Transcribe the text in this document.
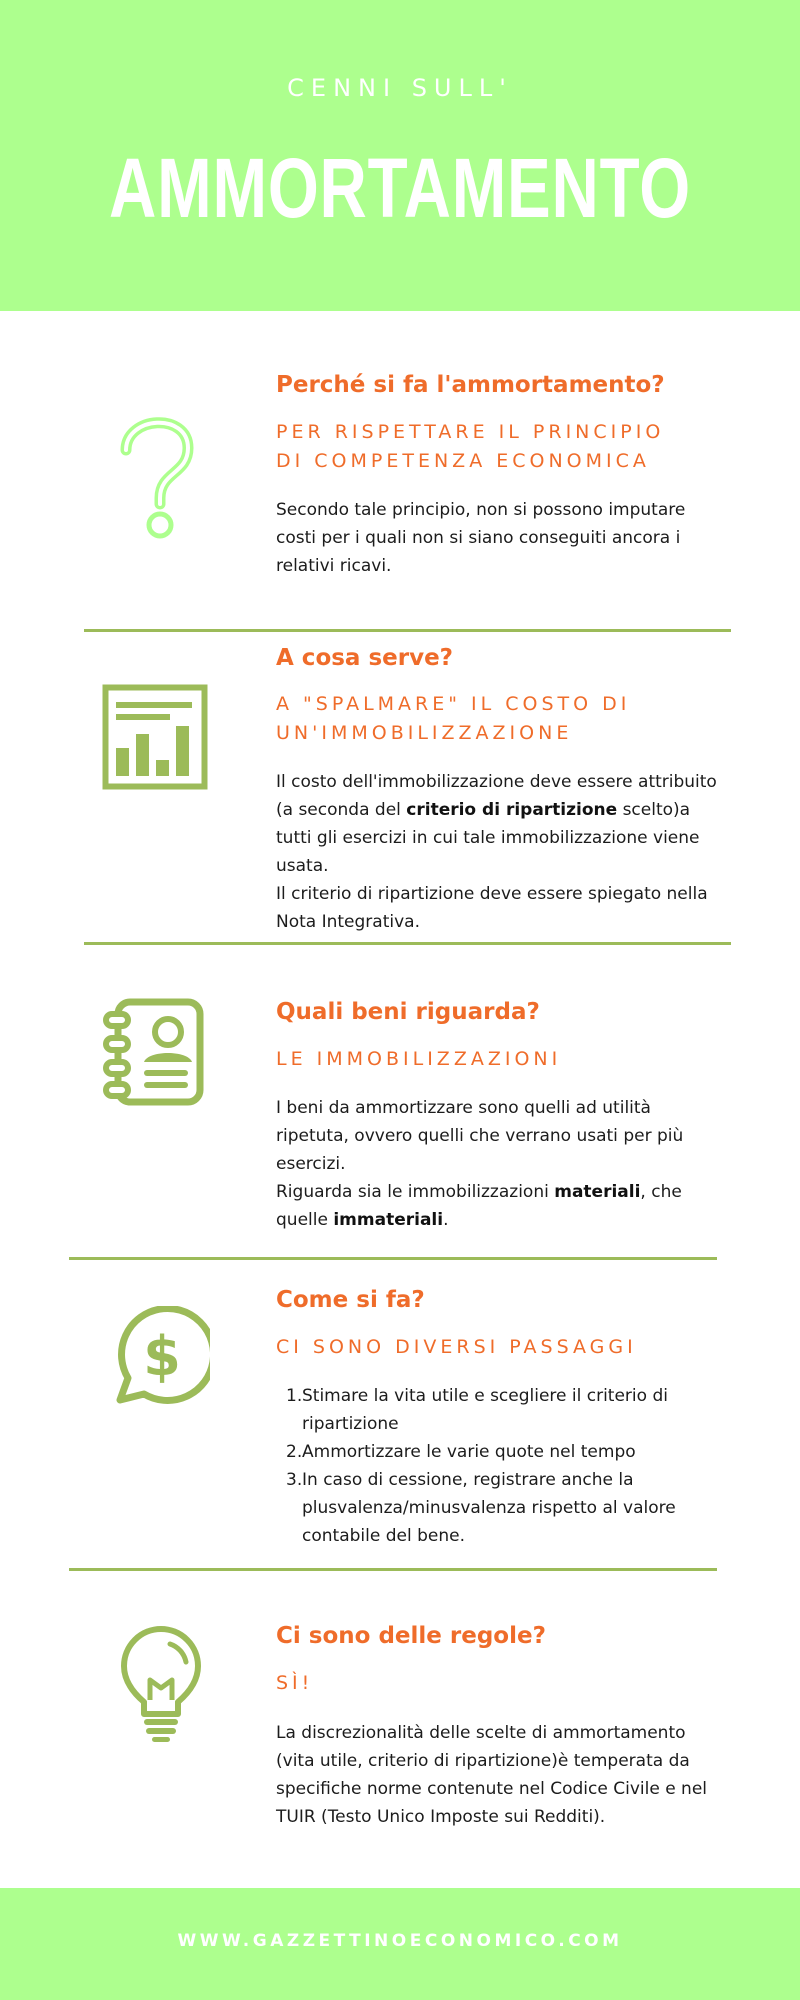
CENNI SULL'
AMMORTAMENTO
Perché si fa l'ammortamento?
PER RISPETTARE IL PRINCIPIO
DI COMPETENZA ECONOMICA
Secondo tale principio, non si possono imputare
costi per i quali non si siano conseguiti ancora i
relativi ricavi.
A cosa serve?
A "SPALMARE" IL COSTO DI
UN'IMMOBILIZZAZIONE
Il costo dell'immobilizzazione deve essere attribuito
(a seconda del criterio di ripartizione scelto)a
tutti gli esercizi in cui tale immobilizzazione viene
usata.
Il criterio di ripartizione deve essere spiegato nella
Nota Integrativa.
Quali beni riguarda?
LE IMMOBILIZZAZIONI
I beni da ammortizzare sono quelli ad utilità
ripetuta, ovvero quelli che verrano usati per più
esercizi.
Riguarda sia le immobilizzazioni materiali, che
quelle immateriali.
$
Come si fa?
CI SONO DIVERSI PASSAGGI
1. Stimare la vita utile e scegliere il criterio di
ripartizione
2. Ammortizzare le varie quote nel tempo
3. In caso di cessione, registrare anche la
plusvalenza/minusvalenza rispetto al valore
contabile del bene.
Ci sono delle regole?
SÌ!
La discrezionalità delle scelte di ammortamento
(vita utile, criterio di ripartizione)è temperata da
specifiche norme contenute nel Codice Civile e nel
TUIR (Testo Unico Imposte sui Redditi).
WWW.GAZZETTINOECONOMICO.COM
